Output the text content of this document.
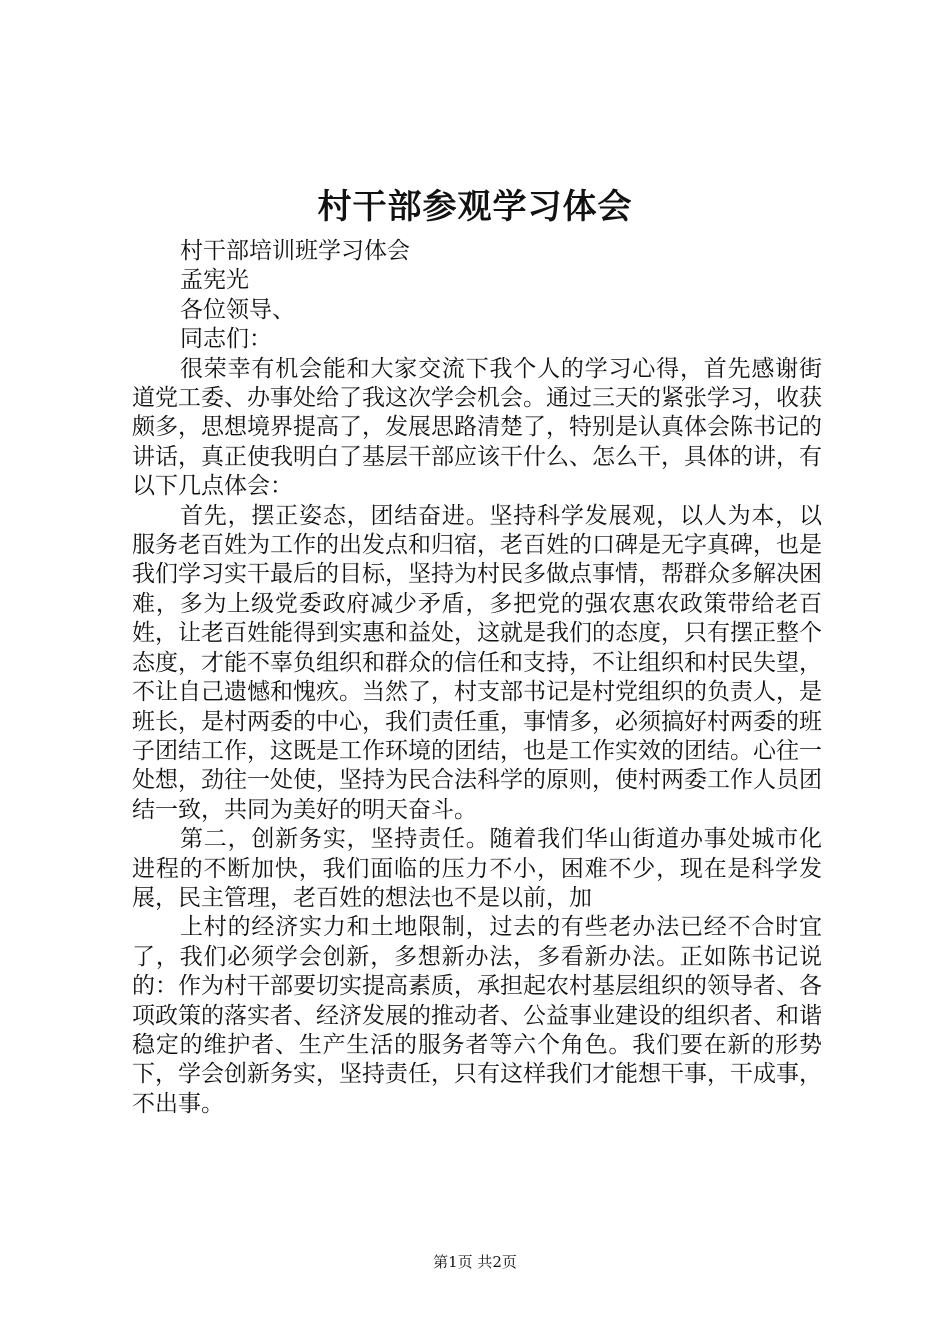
村干部参观学习体会

村干部培训班学习体会

孟宪光

各位领导、

同志们：

很荣幸有机会能和大家交流下我个人的学习心得，首先感谢街道党工委、办事处给了我这次学会机会。通过三天的紧张学习，收获颇多，思想境界提高了，发展思路清楚了，特别是认真体会陈书记的讲话，真正使我明白了基层干部应该干什么、怎么干，具体的讲，有以下几点体会：

首先，摆正姿态，团结奋进。坚持科学发展观，以人为本，以服务老百姓为工作的出发点和归宿，老百姓的口碑是无字真碑，也是我们学习实干最后的目标，坚持为村民多做点事情，帮群众多解决困难，多为上级党委政府减少矛盾，多把党的强农惠农政策带给老百姓，让老百姓能得到实惠和益处，这就是我们的态度，只有摆正整个态度，才能不辜负组织和群众的信任和支持，不让组织和村民失望，不让自己遗憾和愧疚。当然了，村支部书记是村党组织的负责人，是班长，是村两委的中心，我们责任重，事情多，必须搞好村两委的班子团结工作，这既是工作环境的团结，也是工作实效的团结。心往一处想，劲往一处使，坚持为民合法科学的原则，使村两委工作人员团结一致，共同为美好的明天奋斗。

第二，创新务实，坚持责任。随着我们华山街道办事处城市化进程的不断加快，我们面临的压力不小，困难不少，现在是科学发展，民主管理，老百姓的想法也不是以前，加

上村的经济实力和土地限制，过去的有些老办法已经不合时宜了，我们必须学会创新，多想新办法，多看新办法。正如陈书记说的：作为村干部要切实提高素质，承担起农村基层组织的领导者、各项政策的落实者、经济发展的推动者、公益事业建设的组织者、和谐稳定的维护者、生产生活的服务者等六个角色。我们要在新的形势下，学会创新务实，坚持责任，只有这样我们才能想干事，干成事，不出事。

第1页 共2页
